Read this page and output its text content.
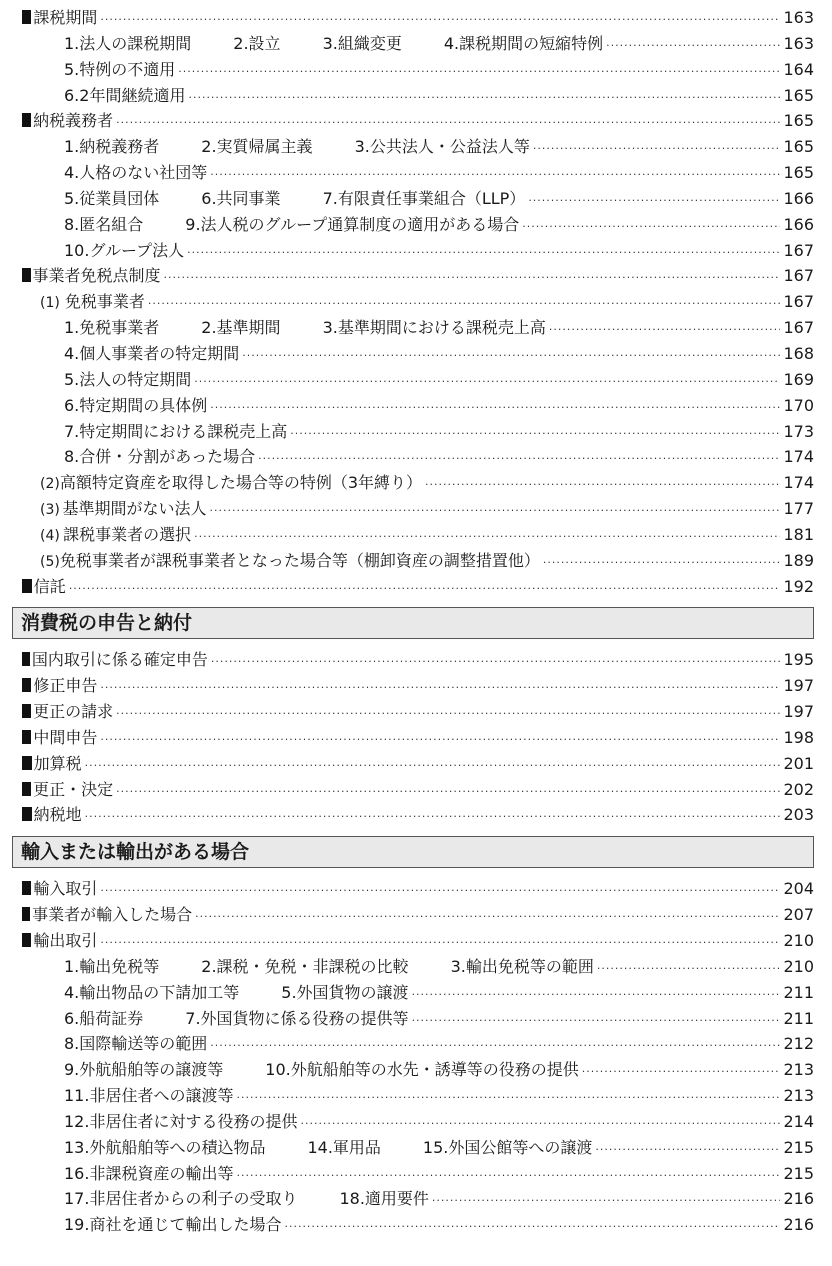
課税期間 ·····	163
1.法人の課税期間	2.設立	3.組織変更	4.課税期間の短縮特例 ·····	163
5.特例の不適用 ·····	164
6.2年間継続適用 ·····	165
納税義務者 ·····	165
1.納税義務者	2.実質帰属主義	3.公共法人・公益法人等 ·····	165
4.人格のない社団等 ·····	165
5.従業員団体	6.共同事業	7.有限責任事業組合（LLP） ·····	166
8.匿名組合	9.法人税のグループ通算制度の適用がある場合 ·····	166
10.グループ法人 ·····	167
事業者免税点制度 ·····	167
(1) 免税事業者 ·····	167
1.免税事業者	2.基準期間	3.基準期間における課税売上高 ·····	167
4.個人事業者の特定期間 ·····	168
5.法人の特定期間 ·····	169
6.特定期間の具体例 ·····	170
7.特定期間における課税売上高 ·····	173
8.合併・分割があった場合 ·····	174
(2) 高額特定資産を取得した場合等の特例（3年縛り） ·····	174
(3) 基準期間がない法人 ·····	177
(4) 課税事業者の選択 ·····	181
(5) 免税事業者が課税事業者となった場合等（棚卸資産の調整措置他） ·····	189
信託 ·····	192
消費税の申告と納付
国内取引に係る確定申告 ·····	195
修正申告 ·····	197
更正の請求 ·····	197
中間申告 ·····	198
加算税 ·····	201
更正・決定 ·····	202
納税地 ·····	203
輸入または輸出がある場合
輸入取引 ·····	204
事業者が輸入した場合 ·····	207
輸出取引 ·····	210
1.輸出免税等	2.課税・免税・非課税の比較	3.輸出免税等の範囲 ·····	210
4.輸出物品の下請加工等	5.外国貨物の譲渡 ·····	211
6.船荷証券	7.外国貨物に係る役務の提供等 ·····	211
8.国際輸送等の範囲 ·····	212
9.外航船舶等の譲渡等	10.外航船舶等の水先・誘導等の役務の提供 ·····	213
11.非居住者への譲渡等 ·····	213
12.非居住者に対する役務の提供 ·····	214
13.外航船舶等への積込物品	14.軍用品	15.外国公館等への譲渡 ·····	215
16.非課税資産の輸出等 ·····	215
17.非居住者からの利子の受取り	18.適用要件 ·····	216
19.商社を通じて輸出した場合 ·····	216
